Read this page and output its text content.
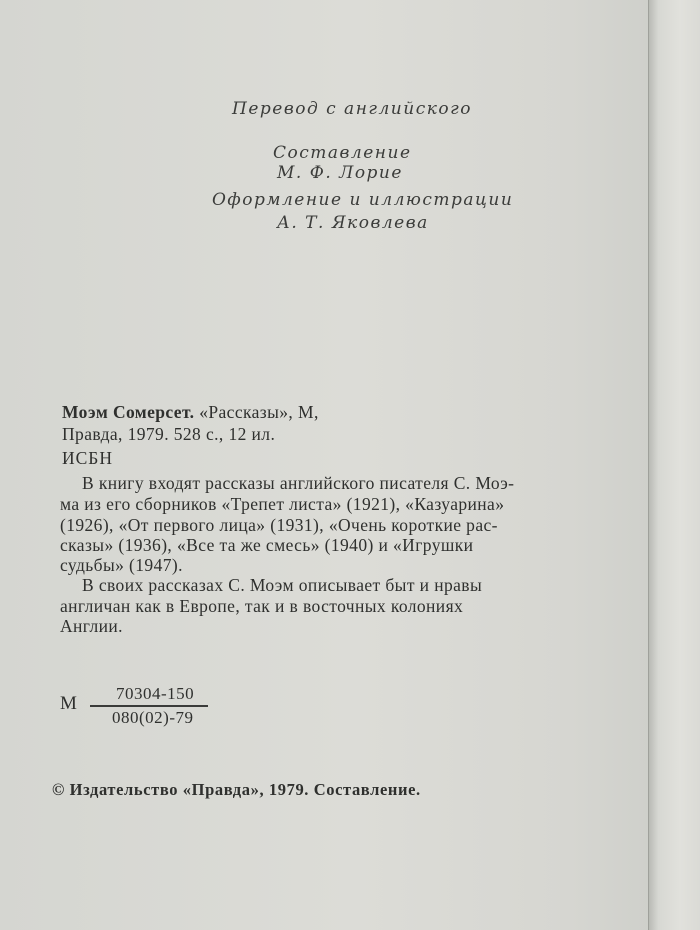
Перевод с английского
Составление
М. Ф. Лорие
Оформление и иллюстрации
А. Т. Яковлева
Моэм Сомерсет. «Рассказы», М,
Правда, 1979. 528 с., 12 ил.
ИСБН
В книгу входят рассказы английского писателя С. Моэ-
ма из его сборников «Трепет листа» (1921), «Казуарина»
(1926), «От первого лица» (1931), «Очень короткие рас-
сказы» (1936), «Все та же смесь» (1940) и «Игрушки
судьбы» (1947).
В своих рассказах С. Моэм описывает быт и нравы
англичан как в Европе, так и в восточных колониях
Англии.
М 70304-150
080(02)-79
© Издательство «Правда», 1979. Составление.
